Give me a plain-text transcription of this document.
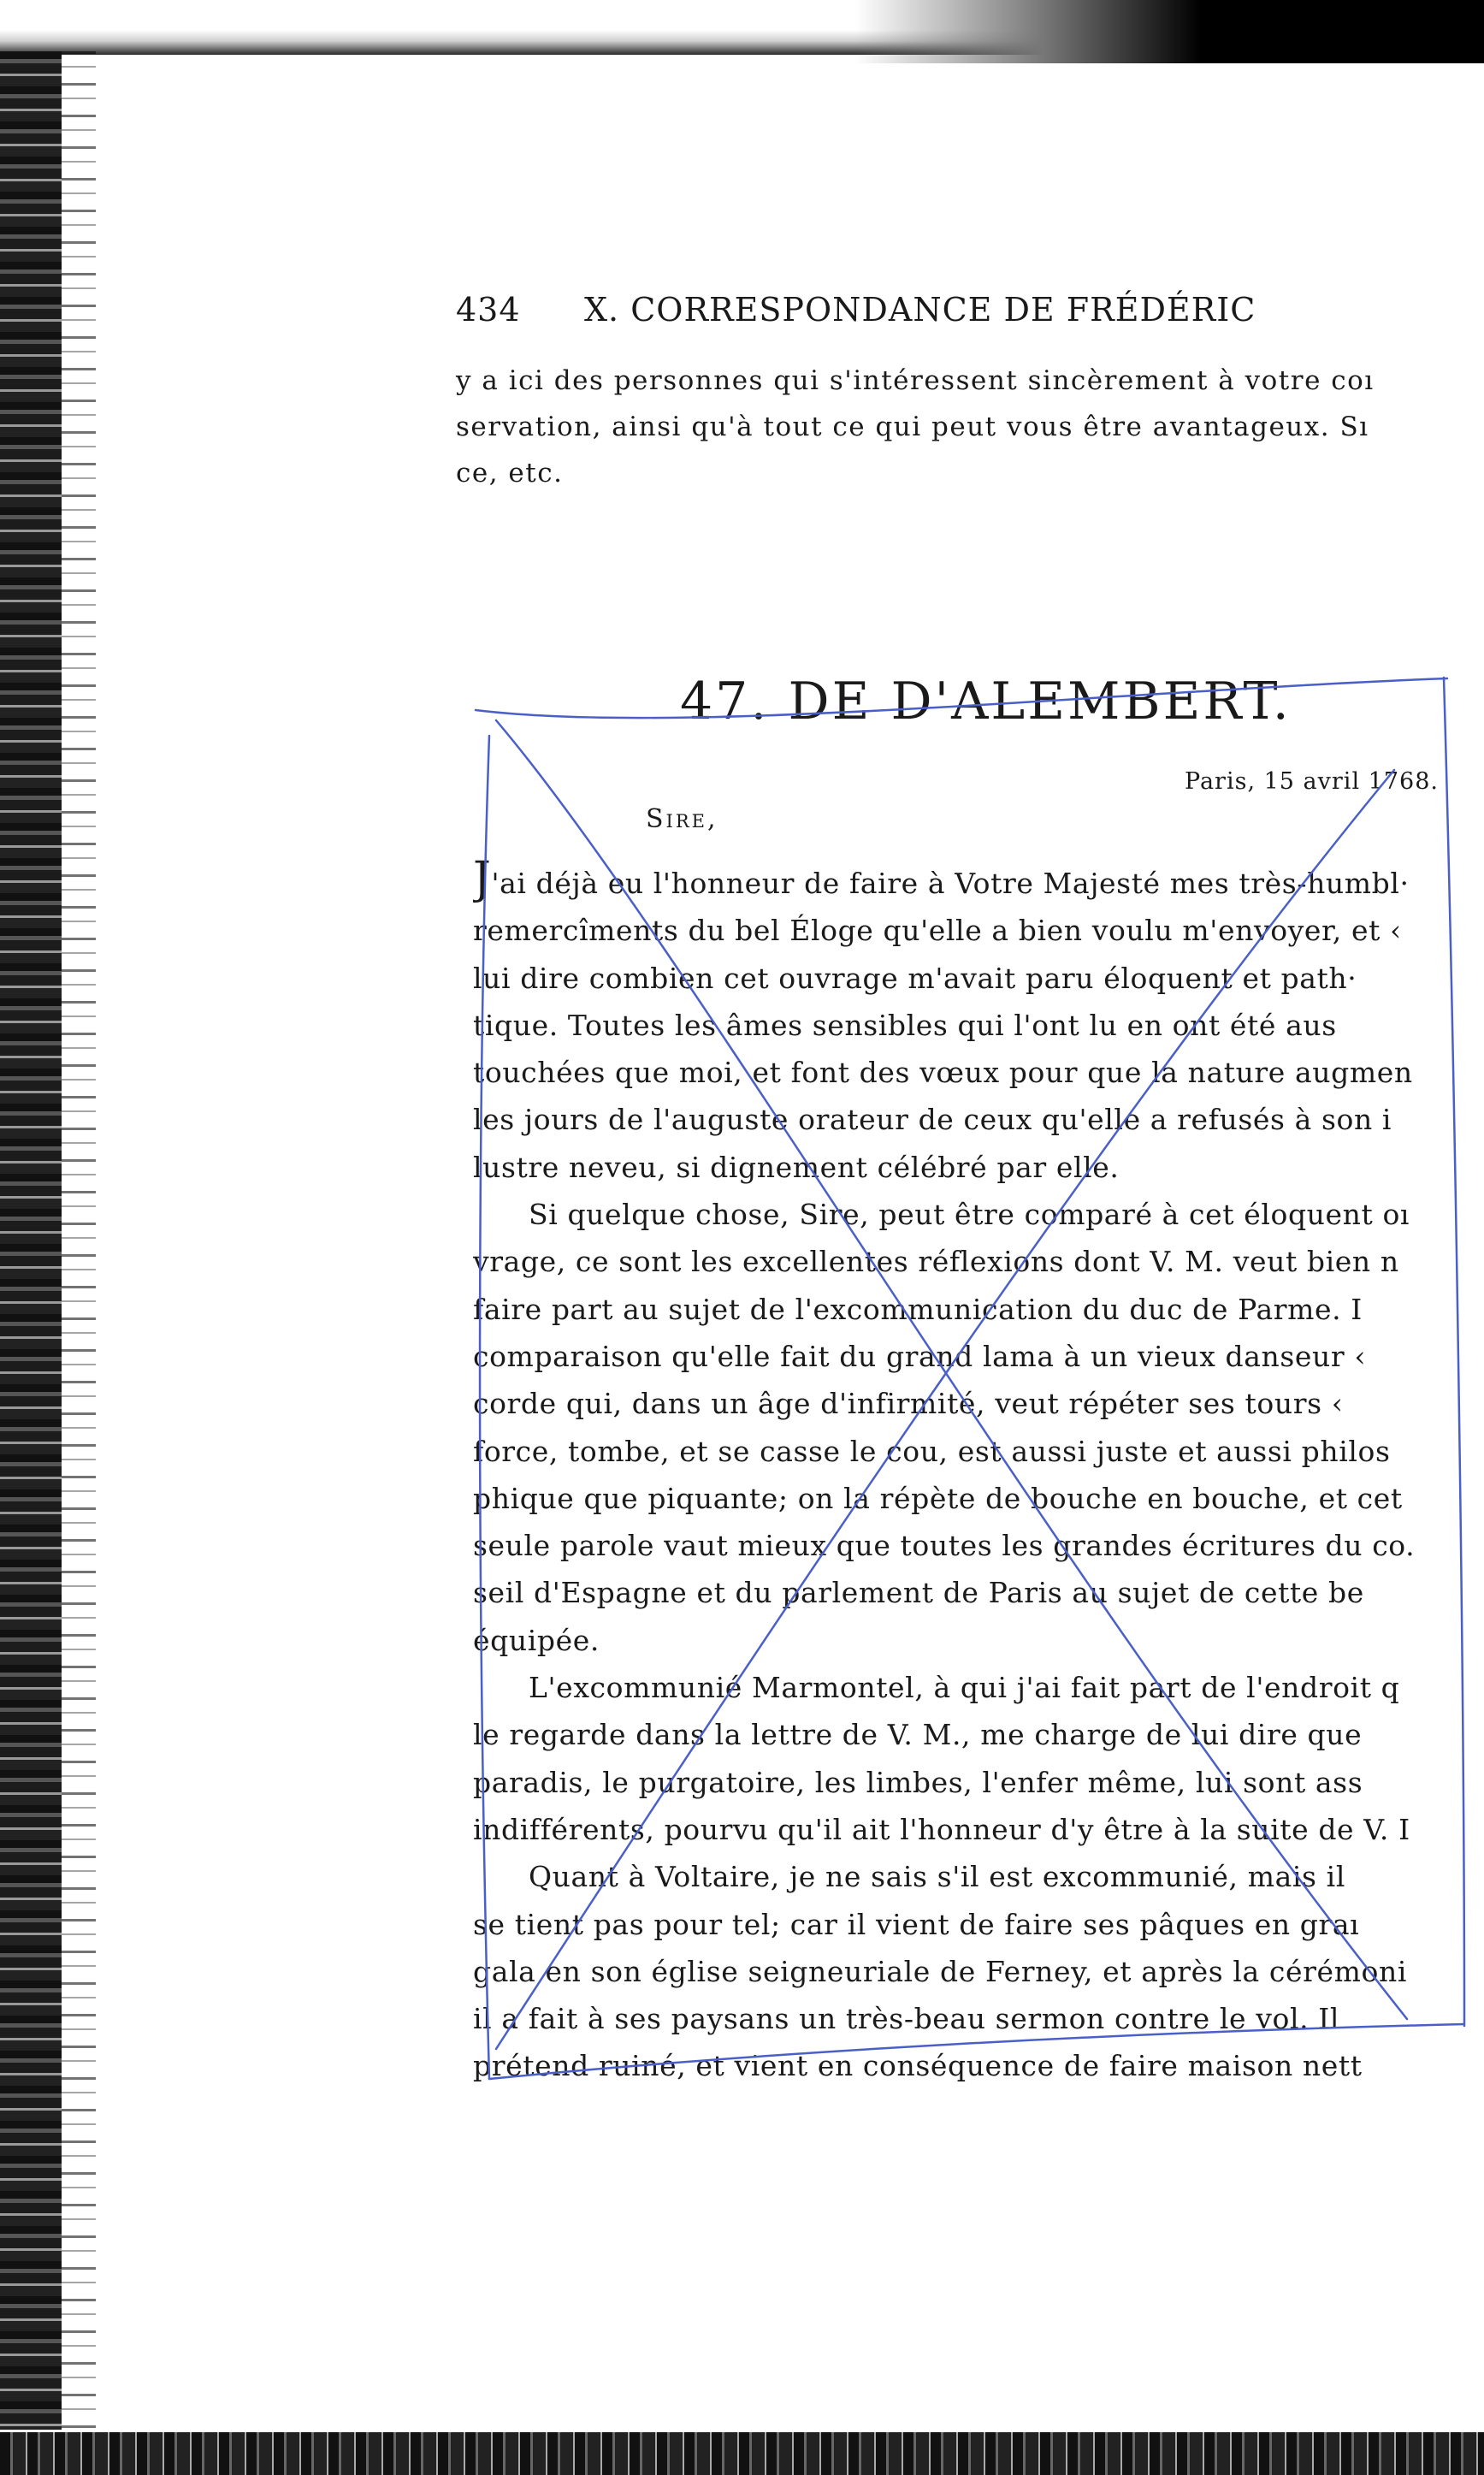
434 X. CORRESPONDANCE DE FRÉDÉRIC
y a ici des personnes qui s'intéressent sincèrement à votre coı
servation, ainsi qu'à tout ce qui peut vous être avantageux. Sı
ce, etc.
47. DE D'ALEMBERT.
Paris, 15 avril 1768.
Sire,
J'ai déjà eu l'honneur de faire à Votre Majesté mes très-humbl·
remercîments du bel Éloge qu'elle a bien voulu m'envoyer, et ‹
lui dire combien cet ouvrage m'avait paru éloquent et path·
tique. Toutes les âmes sensibles qui l'ont lu en ont été aus
touchées que moi, et font des vœux pour que la nature augmen
les jours de l'auguste orateur de ceux qu'elle a refusés à son i
lustre neveu, si dignement célébré par elle.
Si quelque chose, Sire, peut être comparé à cet éloquent oı
vrage, ce sont les excellentes réflexions dont V. M. veut bien n
faire part au sujet de l'excommunication du duc de Parme. I
comparaison qu'elle fait du grand lama à un vieux danseur ‹
corde qui, dans un âge d'infirmité, veut répéter ses tours ‹
force, tombe, et se casse le cou, est aussi juste et aussi philos
phique que piquante; on la répète de bouche en bouche, et cet
seule parole vaut mieux que toutes les grandes écritures du co.
seil d'Espagne et du parlement de Paris au sujet de cette be
équipée.
L'excommunié Marmontel, à qui j'ai fait part de l'endroit q
le regarde dans la lettre de V. M., me charge de lui dire que
paradis, le purgatoire, les limbes, l'enfer même, lui sont ass
indifférents, pourvu qu'il ait l'honneur d'y être à la suite de V. I
Quant à Voltaire, je ne sais s'il est excommunié, mais il
se tient pas pour tel; car il vient de faire ses pâques en graı
gala en son église seigneuriale de Ferney, et après la cérémoni
il a fait à ses paysans un très-beau sermon contre le vol. Il
prétend ruiné, et vient en conséquence de faire maison nett
